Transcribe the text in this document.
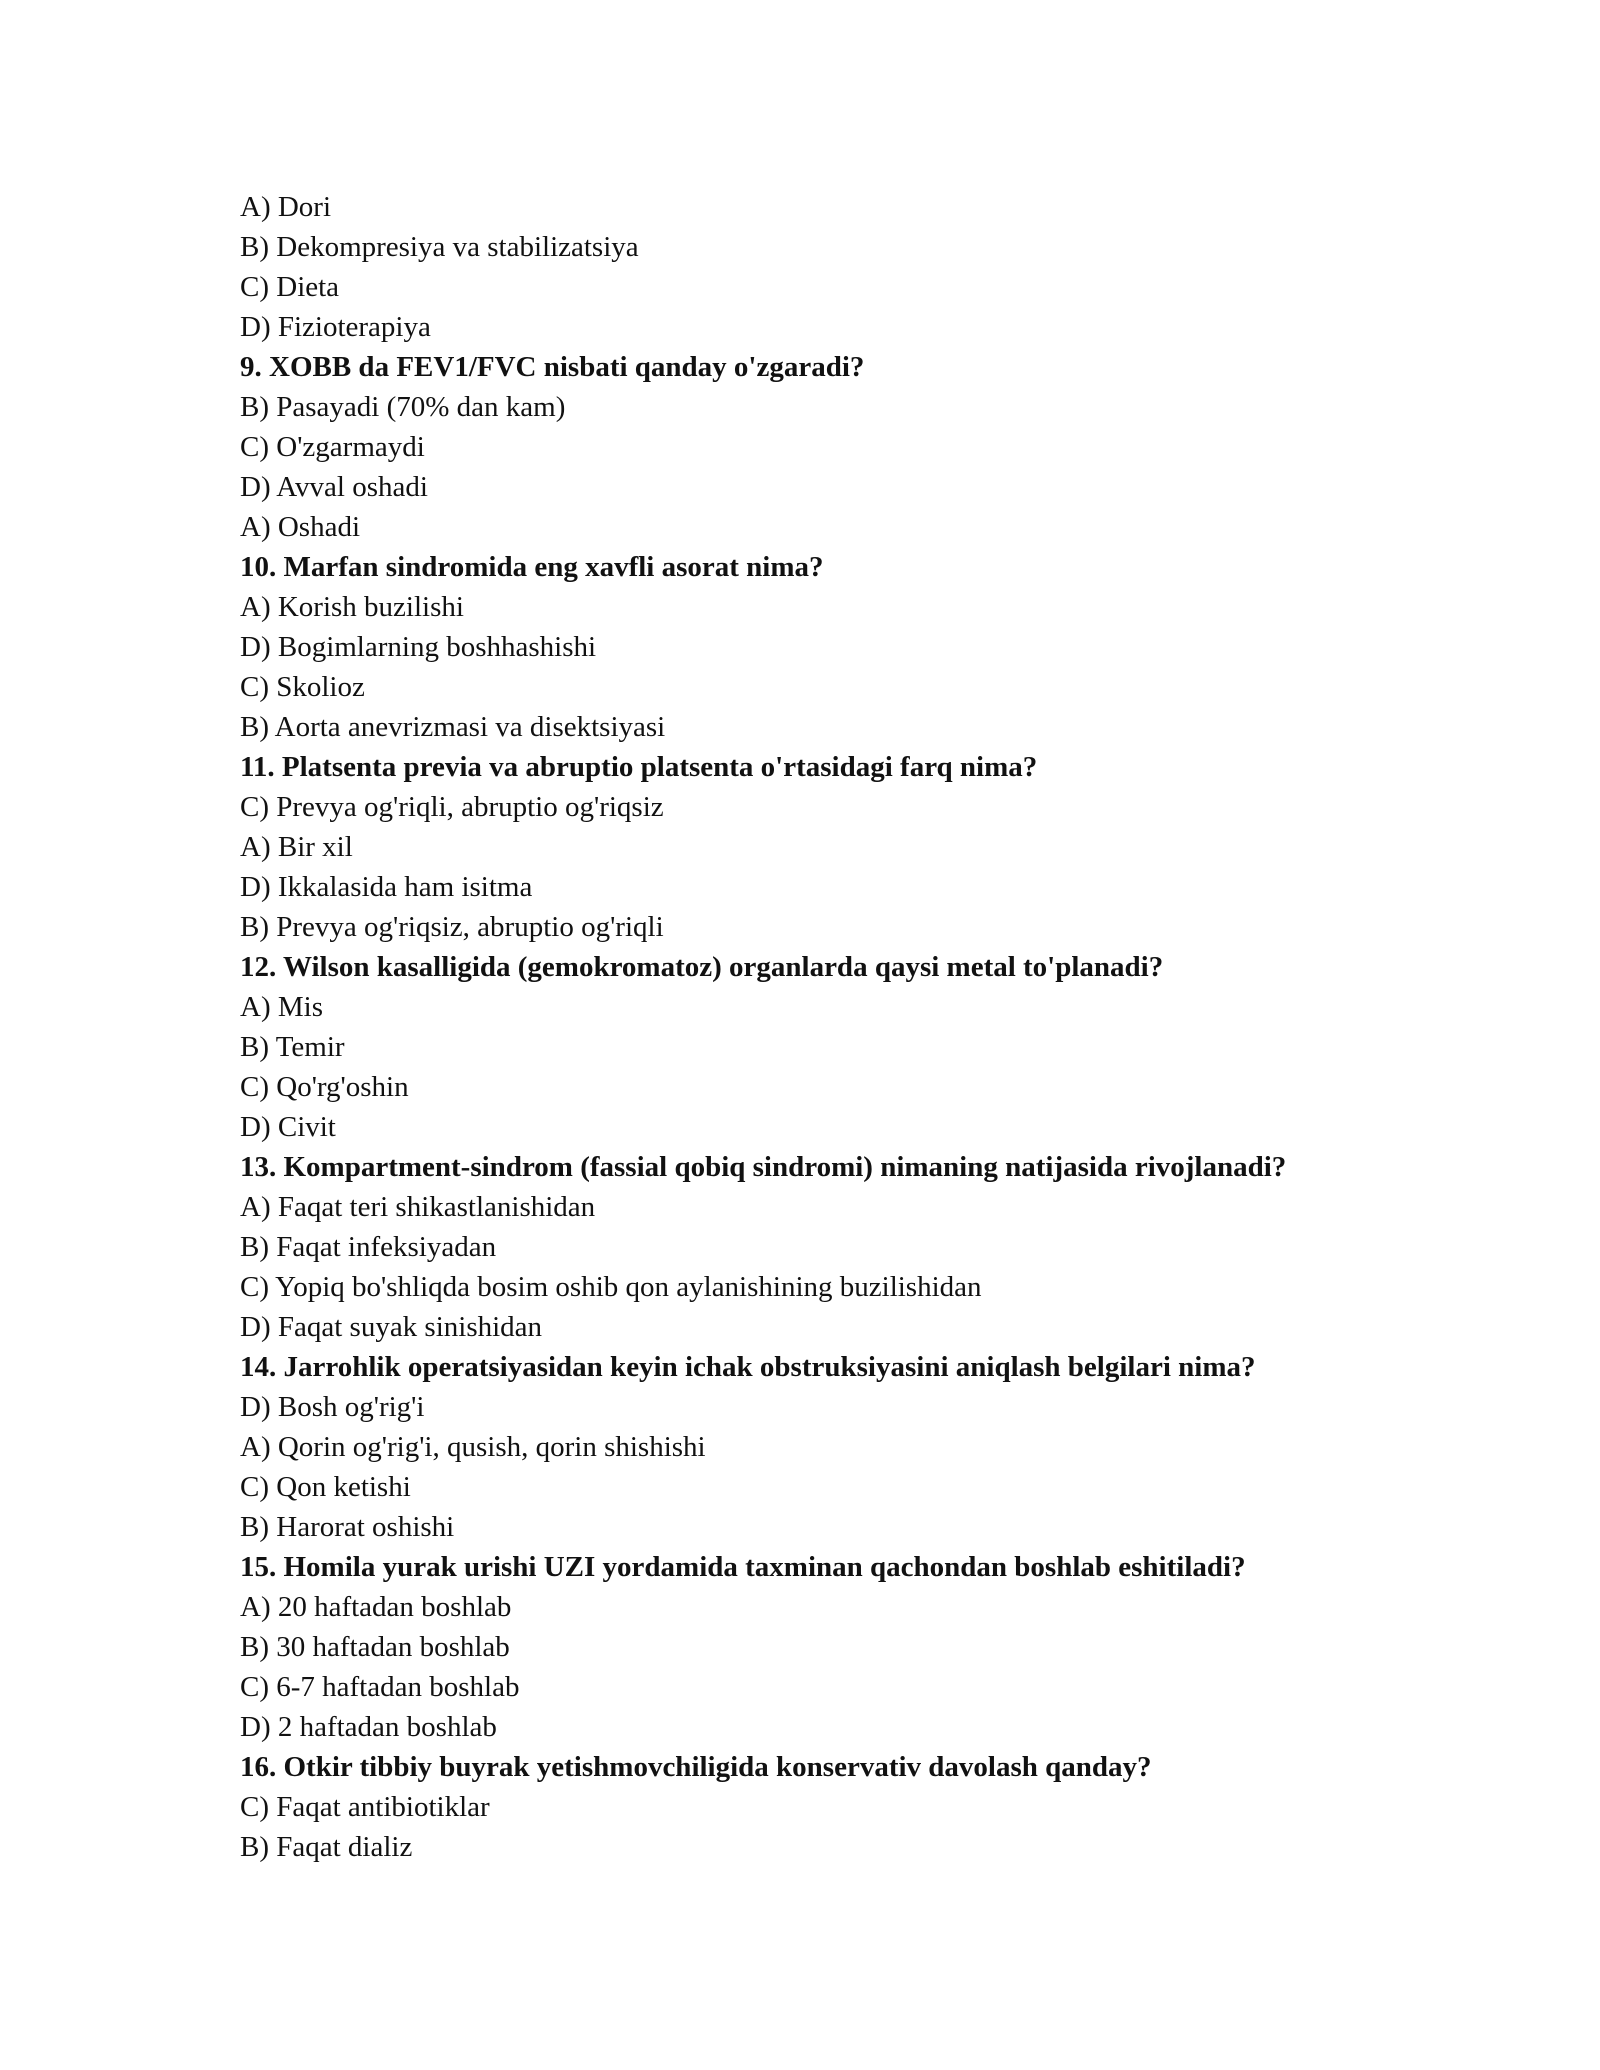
A) Dori

B) Dekompresiya va stabilizatsiya

C) Dieta

D) Fizioterapiya

9. XOBB da FEV1/FVC nisbati qanday o'zgaradi?

B) Pasayadi (70% dan kam)

C) O'zgarmaydi

D) Avval oshadi

A) Oshadi

10. Marfan sindromida eng xavfli asorat nima?

A) Korish buzilishi

D) Bogimlarning boshhashishi

C) Skolioz

B) Aorta anevrizmasi va disektsiyasi

11. Platsenta previa va abruptio platsenta o'rtasidagi farq nima?

C) Prevya og'riqli, abruptio og'riqsiz

A) Bir xil

D) Ikkalasida ham isitma

B) Prevya og'riqsiz, abruptio og'riqli

12. Wilson kasalligida (gemokromatoz) organlarda qaysi metal to'planadi?

A) Mis

B) Temir

C) Qo'rg'oshin

D) Civit

13. Kompartment-sindrom (fassial qobiq sindromi) nimaning natijasida rivojlanadi?

A) Faqat teri shikastlanishidan

B) Faqat infeksiyadan

C) Yopiq bo'shliqda bosim oshib qon aylanishining buzilishidan

D) Faqat suyak sinishidan

14. Jarrohlik operatsiyasidan keyin ichak obstruksiyasini aniqlash belgilari nima?

D) Bosh og'rig'i

A) Qorin og'rig'i, qusish, qorin shishishi

C) Qon ketishi

B) Harorat oshishi

15. Homila yurak urishi UZI yordamida taxminan qachondan boshlab eshitiladi?

A) 20 haftadan boshlab

B) 30 haftadan boshlab

C) 6-7 haftadan boshlab

D) 2 haftadan boshlab

16. Otkir tibbiy buyrak yetishmovchiligida konservativ davolash qanday?

C) Faqat antibiotiklar

B) Faqat dializ
